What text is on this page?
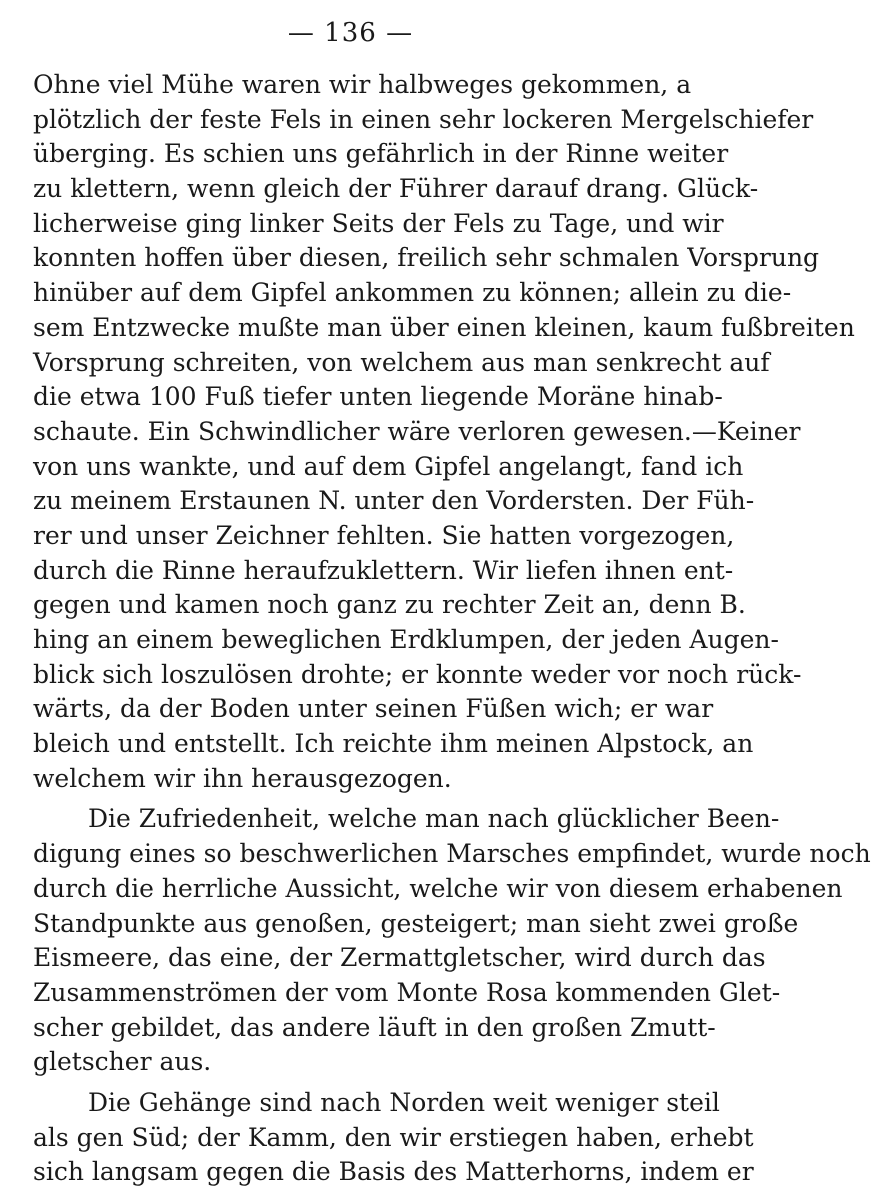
— 136 —
Ohne viel Mühe waren wir halbweges gekommen, a
plötzlich der feste Fels in einen sehr lockeren Mergelschiefer
überging. Es schien uns gefährlich in der Rinne weiter
zu klettern, wenn gleich der Führer darauf drang. Glück-
licherweise ging linker Seits der Fels zu Tage, und wir
konnten hoffen über diesen, freilich sehr schmalen Vorsprung
hinüber auf dem Gipfel ankommen zu können; allein zu die-
sem Entzwecke mußte man über einen kleinen, kaum fußbreiten
Vorsprung schreiten, von welchem aus man senkrecht auf
die etwa 100 Fuß tiefer unten liegende Moräne hinab-
schaute. Ein Schwindlicher wäre verloren gewesen.—Keiner
von uns wankte, und auf dem Gipfel angelangt, fand ich
zu meinem Erstaunen N. unter den Vordersten. Der Füh-
rer und unser Zeichner fehlten. Sie hatten vorgezogen,
durch die Rinne heraufzuklettern. Wir liefen ihnen ent-
gegen und kamen noch ganz zu rechter Zeit an, denn B.
hing an einem beweglichen Erdklumpen, der jeden Augen-
blick sich loszulösen drohte; er konnte weder vor noch rück-
wärts, da der Boden unter seinen Füßen wich; er war
bleich und entstellt. Ich reichte ihm meinen Alpstock, an
welchem wir ihn herausgezogen.
Die Zufriedenheit, welche man nach glücklicher Been-
digung eines so beschwerlichen Marsches empfindet, wurde noch
durch die herrliche Aussicht, welche wir von diesem erhabenen
Standpunkte aus genoßen, gesteigert; man sieht zwei große
Eismeere, das eine, der Zermattgletscher, wird durch das
Zusammenströmen der vom Monte Rosa kommenden Glet-
scher gebildet, das andere läuft in den großen Zmutt-
gletscher aus.
Die Gehänge sind nach Norden weit weniger steil
als gen Süd; der Kamm, den wir erstiegen haben, erhebt
sich langsam gegen die Basis des Matterhorns, indem er
